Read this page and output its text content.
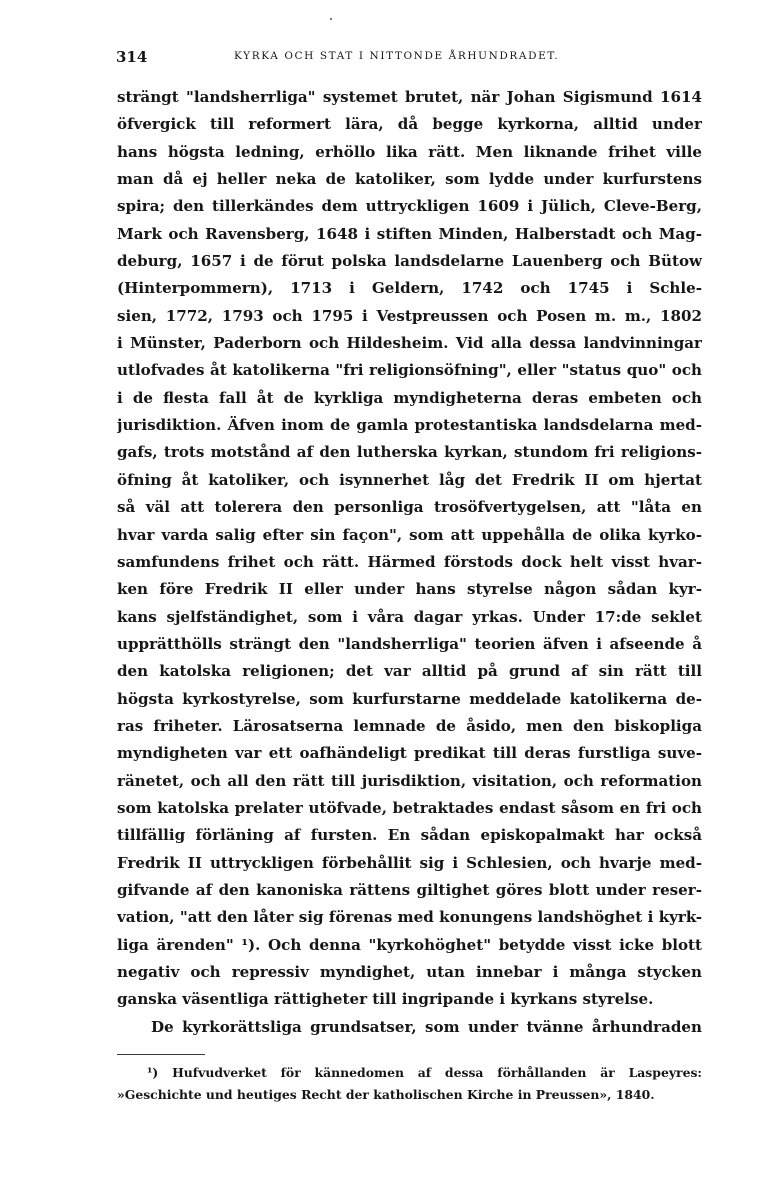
314	KYRKA OCH STAT I NITTONDE ÅRHUNDRADET.
strängt "landsherrliga" systemet brutet, när Johan Sigismund 1614
öfvergick till reformert lära, då begge kyrkorna, alltid under
hans högsta ledning, erhöllo lika rätt. Men liknande frihet ville
man då ej heller neka de katoliker, som lydde under kurfurstens
spira; den tillerkändes dem uttryckligen 1609 i Jülich, Cleve-Berg,
Mark och Ravensberg, 1648 i stiften Minden, Halberstadt och Mag-
deburg, 1657 i de förut polska landsdelarne Lauenberg och Bütow
(Hinterpommern), 1713 i Geldern, 1742 och 1745 i Schle-
sien, 1772, 1793 och 1795 i Vestpreussen och Posen m. m., 1802
i Münster, Paderborn och Hildesheim. Vid alla dessa landvinningar
utlofvades åt katolikerna "fri religionsöfning", eller "status quo" och
i de flesta fall åt de kyrkliga myndigheterna deras embeten och
jurisdiktion. Äfven inom de gamla protestantiska landsdelarna med-
gafs, trots motstånd af den lutherska kyrkan, stundom fri religions-
öfning åt katoliker, och isynnerhet låg det Fredrik II om hjertat
så väl att tolerera den personliga trosöfvertygelsen, att "låta en
hvar varda salig efter sin façon", som att uppehålla de olika kyrko-
samfundens frihet och rätt. Härmed förstods dock helt visst hvar-
ken före Fredrik II eller under hans styrelse någon sådan kyr-
kans sjelfständighet, som i våra dagar yrkas. Under 17:de seklet
upprätthölls strängt den "landsherrliga" teorien äfven i afseende å
den katolska religionen; det var alltid på grund af sin rätt till
högsta kyrkostyrelse, som kurfurstarne meddelade katolikerna de-
ras friheter. Lärosatserna lemnade de åsido, men den biskopliga
myndigheten var ett oafhändeligt predikat till deras furstliga suve-
ränetet, och all den rätt till jurisdiktion, visitation, och reformation
som katolska prelater utöfvade, betraktades endast såsom en fri och
tillfällig förläning af fursten. En sådan episkopalmakt har också
Fredrik II uttryckligen förbehållit sig i Schlesien, och hvarje med-
gifvande af den kanoniska rättens giltighet göres blott under reser-
vation, "att den låter sig förenas med konungens landshöghet i kyrk-
liga ärenden" ¹). Och denna "kyrkohöghet" betydde visst icke blott
negativ och repressiv myndighet, utan innebar i många stycken
ganska väsentliga rättigheter till ingripande i kyrkans styrelse.
De kyrkorättsliga grundsatser, som under tvänne århundraden
¹) Hufvudverket för kännedomen af dessa förhållanden är Laspeyres:
»Geschichte und heutiges Recht der katholischen Kirche in Preussen», 1840.
